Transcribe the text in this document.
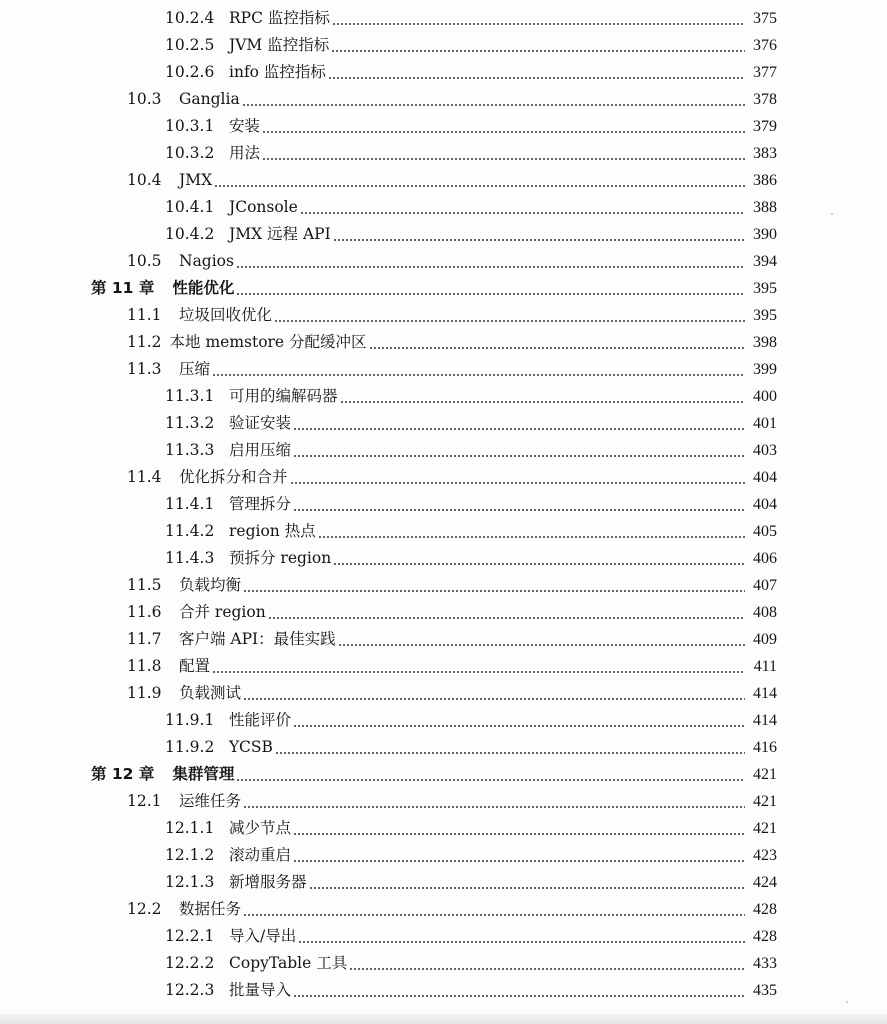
10.2.4 RPC 监控指标	375
10.2.5 JVM 监控指标	376
10.2.6 info 监控指标	377
10.3	Ganglia	378
10.3.1 安装	379
10.3.2 用法	383
10.4	JMX	386
10.4.1 JConsole	388
10.4.2 JMX 远程 API	390
10.5	Nagios	394
第 11 章 性能优化	395
11.1	垃圾回收优化	395
11.2 本地 memstore 分配缓冲区	398
11.3	压缩	399
11.3.1 可用的编解码器	400
11.3.2 验证安装	401
11.3.3 启用压缩	403
11.4	优化拆分和合并	404
11.4.1 管理拆分	404
11.4.2 region 热点	405
11.4.3 预拆分 region	406
11.5	负载均衡	407
11.6	合并 region	408
11.7	客户端 API：最佳实践	409
11.8	配置	411
11.9	负载测试	414
11.9.1 性能评价	414
11.9.2 YCSB	416
第 12 章 集群管理	421
12.1	运维任务	421
12.1.1 减少节点	421
12.1.2 滚动重启	423
12.1.3 新增服务器	424
12.2	数据任务	428
12.2.1 导入/导出	428
12.2.2 CopyTable 工具	433
12.2.3 批量导入	435
